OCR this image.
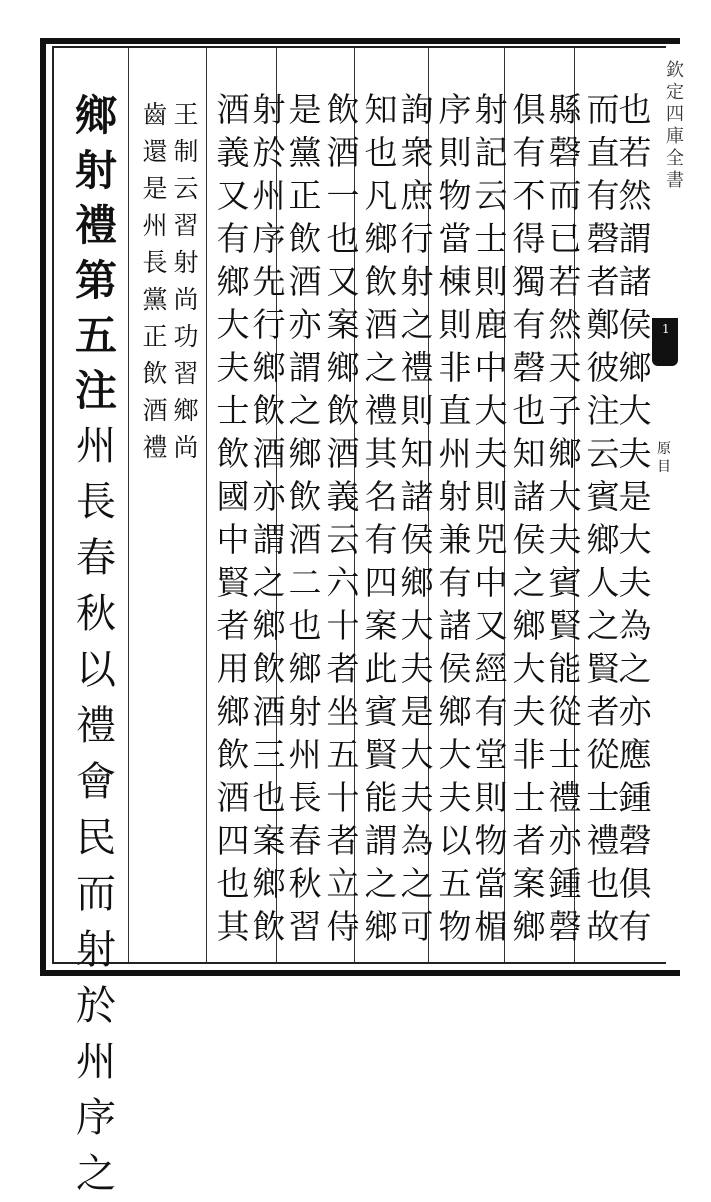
也
若
然
謂
諸
侯
鄉
大
夫
是
大
夫
為
之
亦
應
鍾
磬
俱
有
而
直
有
磬
者
鄭
彼
注
云
賓
鄉
人
之
賢
者
從
士
禮
也
故
縣
磬
而
已
若
然
天
子
鄉
大
夫
賓
賢
能
從
士
禮
亦
鍾
磬
俱
有
不
得
獨
有
磬
也
知
諸
侯
之
鄉
大
夫
非
士
者
案
鄉
射
記
云
士
則
鹿
中
大
夫
則
兕
中
又
經
有
堂
則
物
當
楣
序
則
物
當
棟
則
非
直
州
射
兼
有
諸
侯
鄉
大
夫
以
五
物
詢
衆
庶
行
射
之
禮
則
知
諸
侯
鄉
大
夫
是
大
夫
為
之
可
知
也
凡
鄉
飲
酒
之
禮
其
名
有
四
案
此
賓
賢
能
謂
之
鄉
飲
酒
一
也
又
案
鄉
飲
酒
義
云
六
十
者
坐
五
十
者
立
侍
是
黨
正
飲
酒
亦
謂
之
鄉
飲
酒
二
也
鄉
射
州
長
春
秋
習
射
於
州
序
先
行
鄉
飲
酒
亦
謂
之
鄉
飲
酒
三
也
案
鄉
飲
酒
義
又
有
鄉
大
夫
士
飲
國
中
賢
者
用
鄉
飲
酒
四
也
其
王
制
云
習
射
尚
功
習
鄉
尚
齒
還
是
州
長
黨
正
飲
酒
禮
鄉
射
禮
第
五
注
州
長
春
秋
以
禮
會
民
而
射
於
州
序
之
欽
定
四
庫
全
書
1
原目
